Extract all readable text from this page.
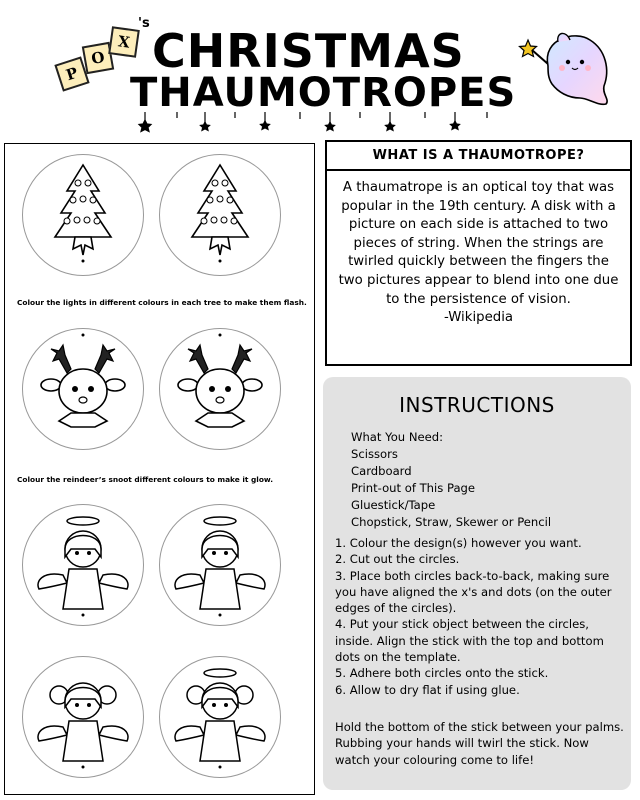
P
O
X
's
CHRISTMAS
THAUMOTROPES
Colour the lights in different colours in each tree to make them flash.
Colour the reindeer’s snoot different colours to make it glow.
WHAT IS A THAUMOTROPE?
A thaumatrope is an optical toy that was popular in the 19th century. A disk with a picture on each side is attached to two pieces of string. When the strings are twirled quickly between the fingers the two pictures appear to blend into one due to the persistence of vision.
-Wikipedia
INSTRUCTIONS
What You Need:
Scissors
Cardboard
Print-out of This Page
Gluestick/Tape
Chopstick, Straw, Skewer or Pencil

1. Colour the design(s) however you want.

2. Cut out the circles.

3. Place both circles back-to-back, making sure you have aligned the x's and dots (on the outer edges of the circles).

4. Put your stick object between the circles, inside. Align the stick with the top and bottom dots on the template.

5. Adhere both circles onto the stick.

6. Allow to dry flat if using glue.

Hold the bottom of the stick between your palms. Rubbing your hands will twirl the stick. Now watch your colouring come to life!
